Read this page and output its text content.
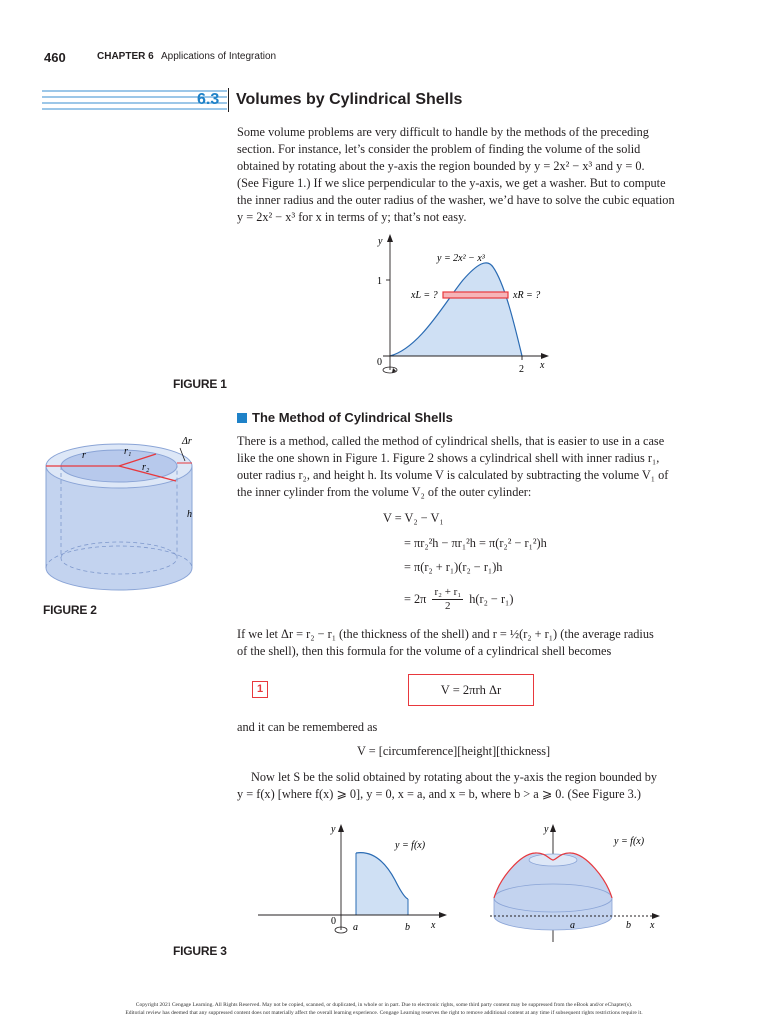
460	CHAPTER 6 Applications of Integration
6.3 Volumes by Cylindrical Shells
Some volume problems are very difficult to handle by the methods of the preceding
section. For instance, let’s consider the problem of finding the volume of the solid
obtained by rotating about the y-axis the region bounded by y = 2x² − x³ and y = 0.
(See Figure 1.) If we slice perpendicular to the y-axis, we get a washer. But to compute
the inner radius and the outer radius of the washer, we’d have to solve the cubic equation
y = 2x² − x³ for x in terms of y; that’s not easy.
y
x
1
2
0
y = 2x² − x³
xL = ?	xR = ?
FIGURE 1
The Method of Cylindrical Shells
There is a method, called the method of cylindrical shells, that is easier to use in a case
like the one shown in Figure 1. Figure 2 shows a cylindrical shell with inner radius r₁,
outer radius r₂, and height h. Its volume V is calculated by subtracting the volume V₁ of
the inner cylinder from the volume V₂ of the outer cylinder:
r	r₁
r₂
Δr
h
FIGURE 2
V = V₂ − V₁
= πr₂²h − πr₁²h = π(r₂² − r₁²)h
= π(r₂ + r₁)(r₂ − r₁)h
= $2\pi \frac{\text{r₂ + r₁}}{2} h(r_2 - r_1)$
If we let Δr = r₂ − r₁ (the thickness of the shell) and r = ½(r₂ + r₁) (the average radius
of the shell), then this formula for the volume of a cylindrical shell becomes
1	V = 2πrh Δr
and it can be remembered as
V = [circumference][height][thickness]
Now let S be the solid obtained by rotating about the y-axis the region bounded by
y = f(x) [where f(x) ⩾ 0], y = 0, x = a, and x = b, where b > a ⩾ 0. (See Figure 3.)
y
x
y = f(x)
0
a	b
y
x
y = f(x)
a	b
FIGURE 3
Copyright 2021 Cengage Learning. All Rights Reserved. May not be copied, scanned, or duplicated, in whole or in part. Due to electronic rights, some third party content may be suppressed from the eBook and/or eChapter(s).
Editorial review has deemed that any suppressed content does not materially affect the overall learning experience. Cengage Learning reserves the right to remove additional content at any time if subsequent rights restrictions require it.
